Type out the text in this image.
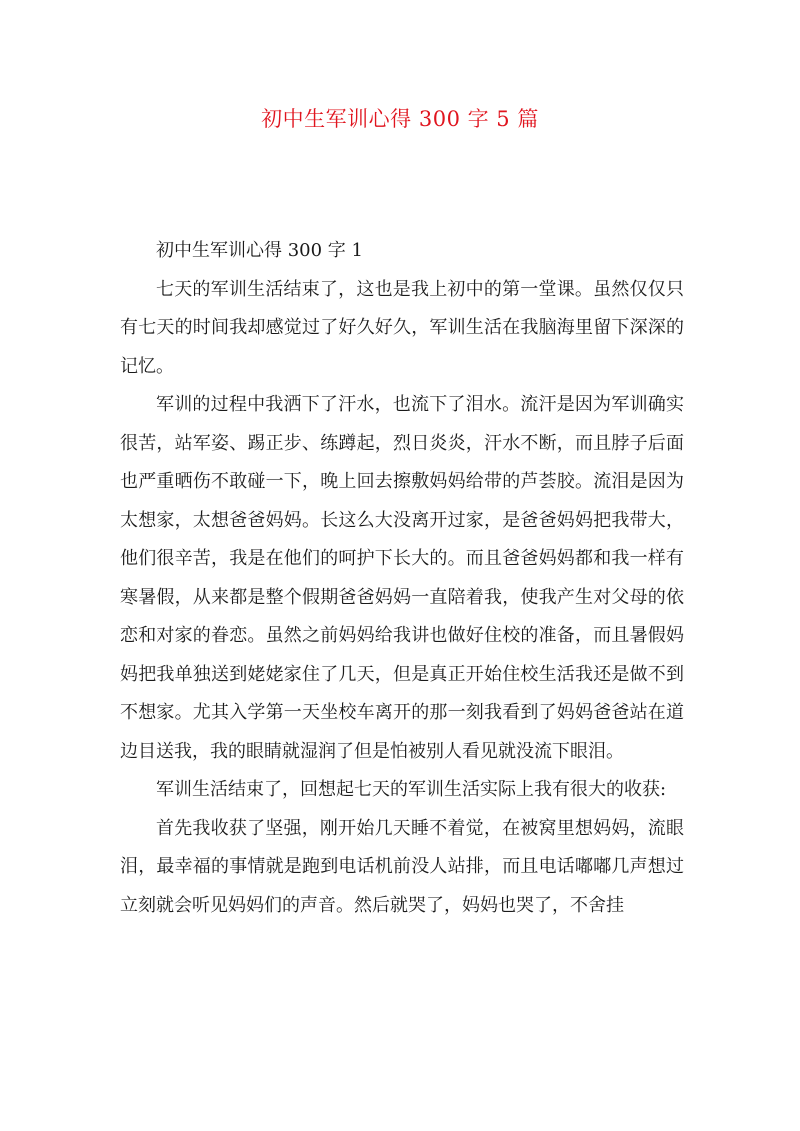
初中生军训心得 300 字 5 篇

初中生军训心得 300 字 1

七天的军训生活结束了，这也是我上初中的第一堂课。虽然仅仅只有七天的时间我却感觉过了好久好久，军训生活在我脑海里留下深深的记忆。

军训的过程中我洒下了汗水，也流下了泪水。流汗是因为军训确实很苦，站军姿、踢正步、练蹲起，烈日炎炎，汗水不断，而且脖子后面也严重晒伤不敢碰一下，晚上回去擦敷妈妈给带的芦荟胶。流泪是因为太想家，太想爸爸妈妈。长这么大没离开过家，是爸爸妈妈把我带大，他们很辛苦，我是在他们的呵护下长大的。而且爸爸妈妈都和我一样有寒暑假，从来都是整个假期爸爸妈妈一直陪着我，使我产生对父母的依恋和对家的眷恋。虽然之前妈妈给我讲也做好住校的准备，而且暑假妈妈把我单独送到姥姥家住了几天，但是真正开始住校生活我还是做不到不想家。尤其入学第一天坐校车离开的那一刻我看到了妈妈爸爸站在道边目送我，我的眼睛就湿润了但是怕被别人看见就没流下眼泪。

军训生活结束了，回想起七天的军训生活实际上我有很大的收获:

首先我收获了坚强，刚开始几天睡不着觉，在被窝里想妈妈，流眼泪，最幸福的事情就是跑到电话机前没人站排，而且电话嘟嘟几声想过立刻就会听见妈妈们的声音。然后就哭了，妈妈也哭了，不舍挂
